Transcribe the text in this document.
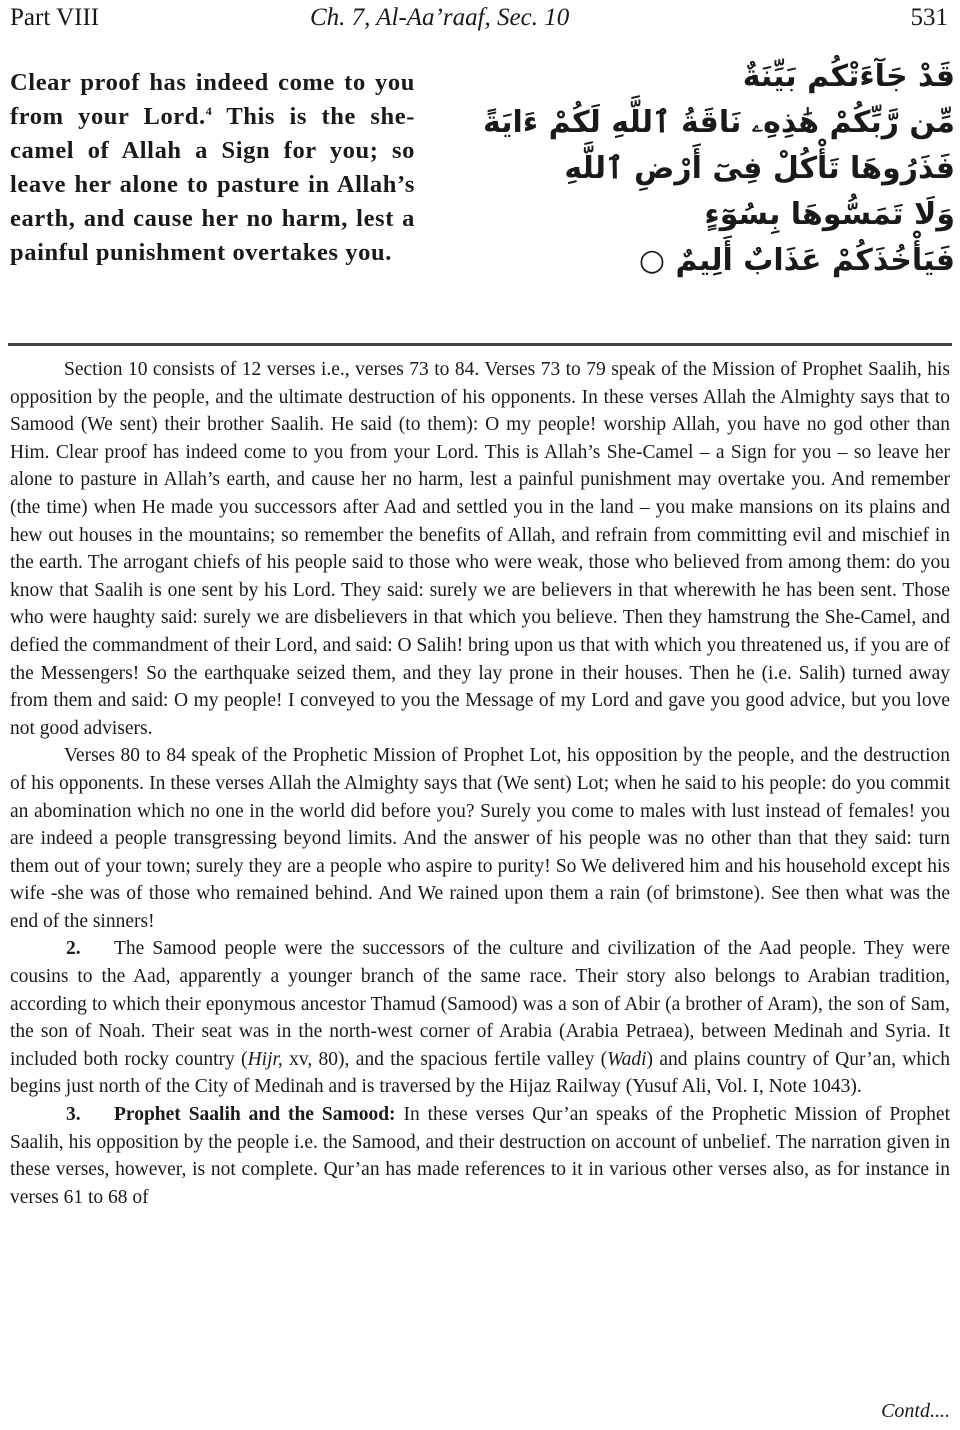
Part VIII	Ch. 7, Al-Aa’raaf, Sec. 10	531
Clear proof has indeed come to you from your Lord.$^4$ This is the she-camel of Allah a Sign for you; so leave her alone to pasture in Allah’s earth, and cause her no harm, lest a painful punishment overtakes you.
قَدْ جَآءَتْكُم بَيِّنَةٌ
مِّن رَّبِّكُمْ هَٰذِهِۦ نَاقَةُ ٱللَّهِ لَكُمْ ءَايَةً
فَذَرُوهَا تَأْكُلْ فِىٓ أَرْضِ ٱللَّهِ
وَلَا تَمَسُّوهَا بِسُوٓءٍ
فَيَأْخُذَكُمْ عَذَابٌ أَلِيمٌ ○

Section 10 consists of 12 verses i.e., verses 73 to 84. Verses 73 to 79 speak of the Mission of Prophet Saalih, his opposition by the people, and the ultimate destruction of his opponents. In these verses Allah the Almighty says that to Samood (We sent) their brother Saalih. He said (to them): O my people! worship Allah, you have no god other than Him. Clear proof has indeed come to you from your Lord. This is Allah’s She-Camel – a Sign for you – so leave her alone to pasture in Allah’s earth, and cause her no harm, lest a painful punishment may overtake you. And remember (the time) when He made you successors after Aad and settled you in the land – you make mansions on its plains and hew out houses in the mountains; so remember the benefits of Allah, and refrain from committing evil and mischief in the earth. The arrogant chiefs of his people said to those who were weak, those who believed from among them: do you know that Saalih is one sent by his Lord. They said: surely we are believers in that wherewith he has been sent. Those who were haughty said: surely we are disbelievers in that which you believe. Then they hamstrung the She-Camel, and defied the commandment of their Lord, and said: O Salih! bring upon us that with which you threatened us, if you are of the Messengers! So the earthquake seized them, and they lay prone in their houses. Then he (i.e. Salih) turned away from them and said: O my people! I conveyed to you the Message of my Lord and gave you good advice, but you love not good advisers.

Verses 80 to 84 speak of the Prophetic Mission of Prophet Lot, his opposition by the people, and the destruction of his opponents. In these verses Allah the Almighty says that (We sent) Lot; when he said to his people: do you commit an abomination which no one in the world did before you? Surely you come to males with lust instead of females! you are indeed a people transgressing beyond limits. And the answer of his people was no other than that they said: turn them out of your town; surely they are a people who aspire to purity! So We delivered him and his household except his wife -she was of those who remained behind. And We rained upon them a rain (of brimstone). See then what was the end of the sinners!

2. The Samood people were the successors of the culture and civilization of the Aad people. They were cousins to the Aad, apparently a younger branch of the same race. Their story also belongs to Arabian tradition, according to which their eponymous ancestor Thamud (Samood) was a son of Abir (a brother of Aram), the son of Sam, the son of Noah. Their seat was in the north-west corner of Arabia (Arabia Petraea), between Medinah and Syria. It included both rocky country (Hijr, xv, 80), and the spacious fertile valley (Wadi) and plains country of Qur’an, which begins just north of the City of Medinah and is traversed by the Hijaz Railway (Yusuf Ali, Vol. I, Note 1043).

3. Prophet Saalih and the Samood: In these verses Qur’an speaks of the Prophetic Mission of Prophet Saalih, his opposition by the people i.e. the Samood, and their destruction on account of unbelief. The narration given in these verses, however, is not complete. Qur’an has made references to it in various other verses also, as for instance in verses 61 to 68 of

Contd....
